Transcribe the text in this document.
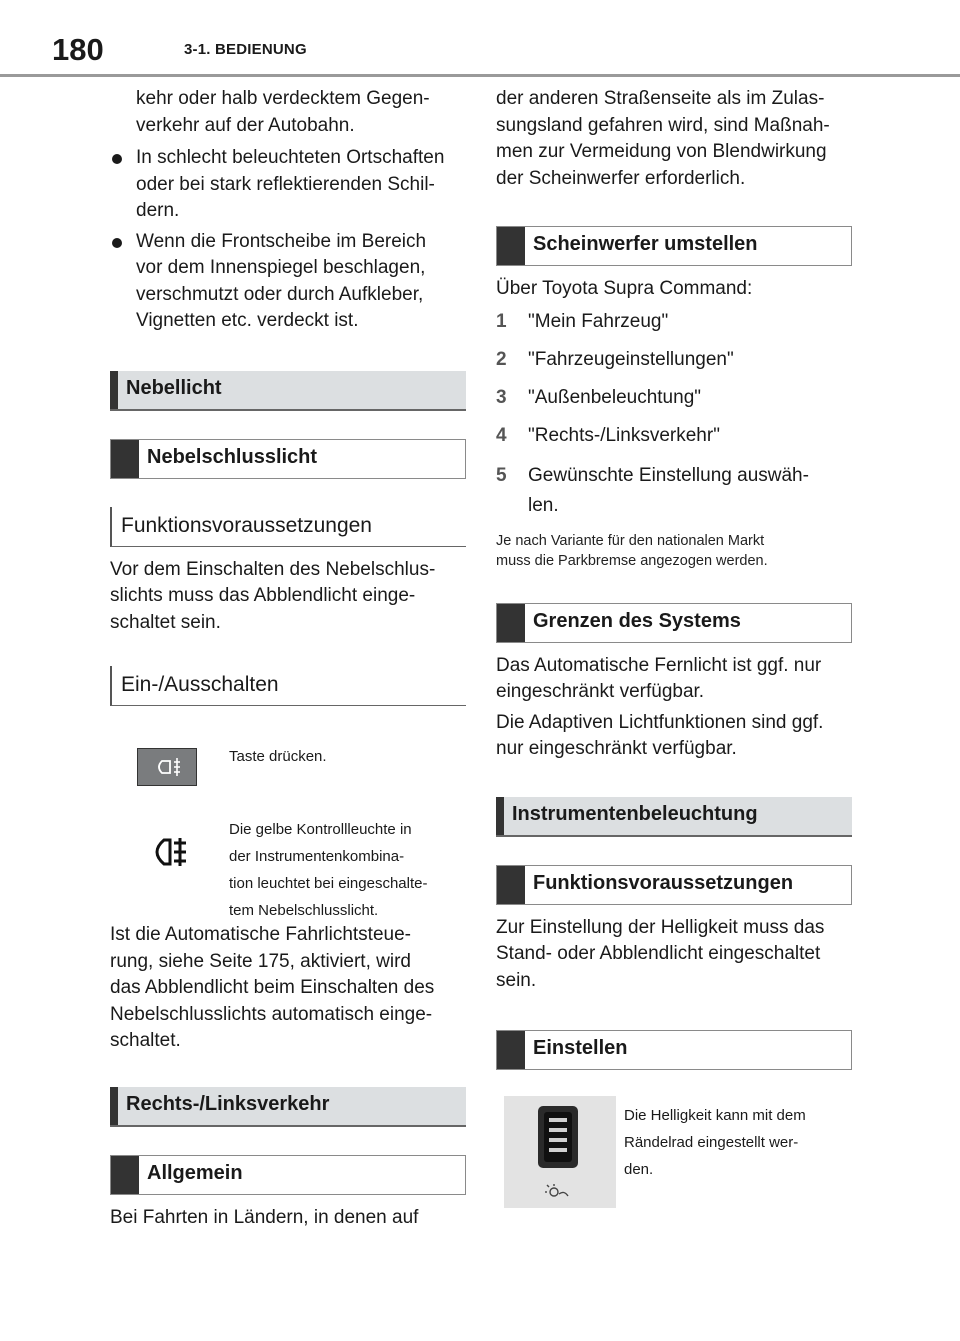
180	3-1. BEDIENUNG
kehr oder halb verdecktem Gegen-
verkehr auf der Autobahn.
In schlecht beleuchteten Ortschaften
oder bei stark reflektierenden Schil-
dern.
Wenn die Frontscheibe im Bereich
vor dem Innenspiegel beschlagen,
verschmutzt oder durch Aufkleber,
Vignetten etc. verdeckt ist.
Nebellicht
Nebelschlusslicht
Funktionsvoraussetzungen
Vor dem Einschalten des Nebelschlus-
slichts muss das Abblendlicht einge-
schaltet sein.
Ein-/Ausschalten
Taste drücken.
Die gelbe Kontrollleuchte in
der Instrumentenkombina-
tion leuchtet bei eingeschalte-
tem Nebelschlusslicht.
Ist die Automatische Fahrlichtsteue-
rung, siehe Seite 175, aktiviert, wird
das Abblendlicht beim Einschalten des
Nebelschlusslichts automatisch einge-
schaltet.
Rechts-/Linksverkehr
Allgemein
Bei Fahrten in Ländern, in denen auf
der anderen Straßenseite als im Zulas-
sungsland gefahren wird, sind Maßnah-
men zur Vermeidung von Blendwirkung
der Scheinwerfer erforderlich.
Scheinwerfer umstellen
Über Toyota Supra Command:
1 "Mein Fahrzeug"
2 "Fahrzeugeinstellungen"
3 "Außenbeleuchtung"
4 "Rechts-/Linksverkehr"
5 Gewünschte Einstellung auswäh-
len.
Je nach Variante für den nationalen Markt
muss die Parkbremse angezogen werden.
Grenzen des Systems
Das Automatische Fernlicht ist ggf. nur
eingeschränkt verfügbar.
Die Adaptiven Lichtfunktionen sind ggf.
nur eingeschränkt verfügbar.
Instrumentenbeleuchtung
Funktionsvoraussetzungen
Zur Einstellung der Helligkeit muss das
Stand- oder Abblendlicht eingeschaltet
sein.
Einstellen
Die Helligkeit kann mit dem
Rändelrad eingestellt wer-
den.
